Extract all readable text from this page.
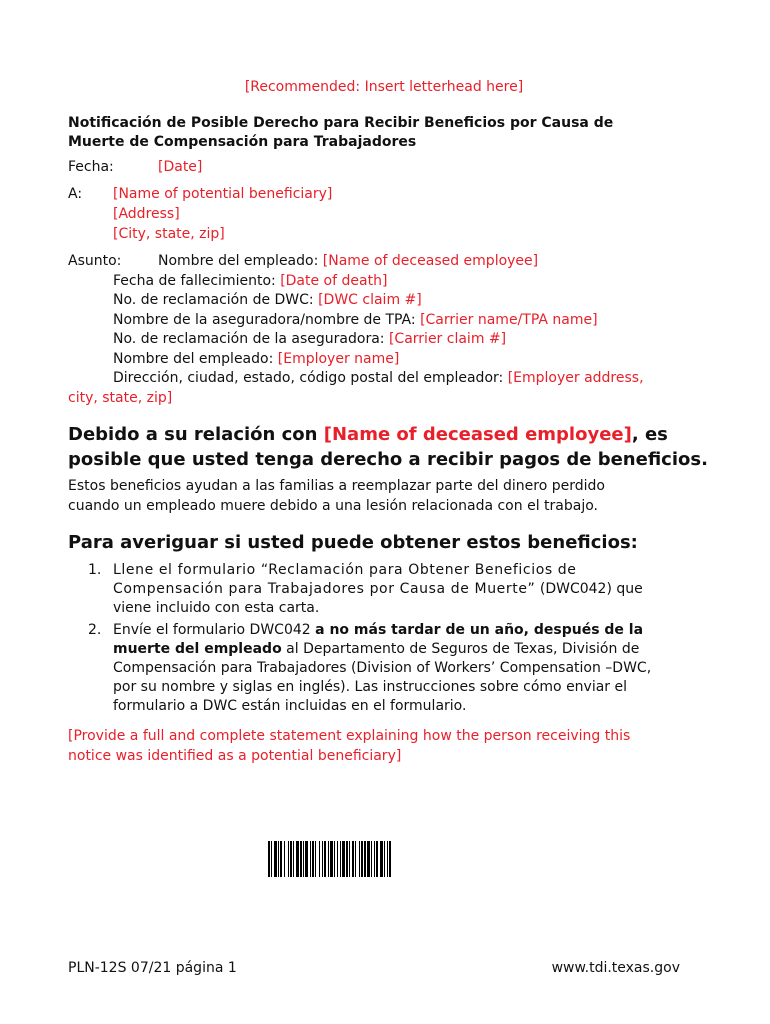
[Recommended: Insert letterhead here]
Notificación de Posible Derecho para Recibir Beneficios por Causa de
Muerte de Compensación para Trabajadores
Fecha:	[Date]
A: [Name of potential beneficiary]
[Address]
[City, state, zip]
Asunto:	Nombre del empleado: [Name of deceased employee]
Fecha de fallecimiento: [Date of death]
No. de reclamación de DWC: [DWC claim #]
Nombre de la aseguradora/nombre de TPA: [Carrier name/TPA name]
No. de reclamación de la aseguradora: [Carrier claim #]
Nombre del empleado: [Employer name]
Dirección, ciudad, estado, código postal del empleador: [Employer address,
city, state, zip]
Debido a su relación con [Name of deceased employee], es
posible que usted tenga derecho a recibir pagos de beneficios.
Estos beneficios ayudan a las familias a reemplazar parte del dinero perdido
cuando un empleado muere debido a una lesión relacionada con el trabajo.
Para averiguar si usted puede obtener estos beneficios:
1. Llene el formulario “Reclamación para Obtener Beneficios de
Compensación para Trabajadores por Causa de Muerte” (DWC042) que
viene incluido con esta carta.
2. Envíe el formulario DWC042 a no más tardar de un año, después de la
muerte del empleado al Departamento de Seguros de Texas, División de
Compensación para Trabajadores (Division of Workers’ Compensation –DWC,
por su nombre y siglas en inglés). Las instrucciones sobre cómo enviar el
formulario a DWC están incluidas en el formulario.
[Provide a full and complete statement explaining how the person receiving this
notice was identified as a potential beneficiary]
PLN-12S 07/21 página 1	www.tdi.texas.gov
